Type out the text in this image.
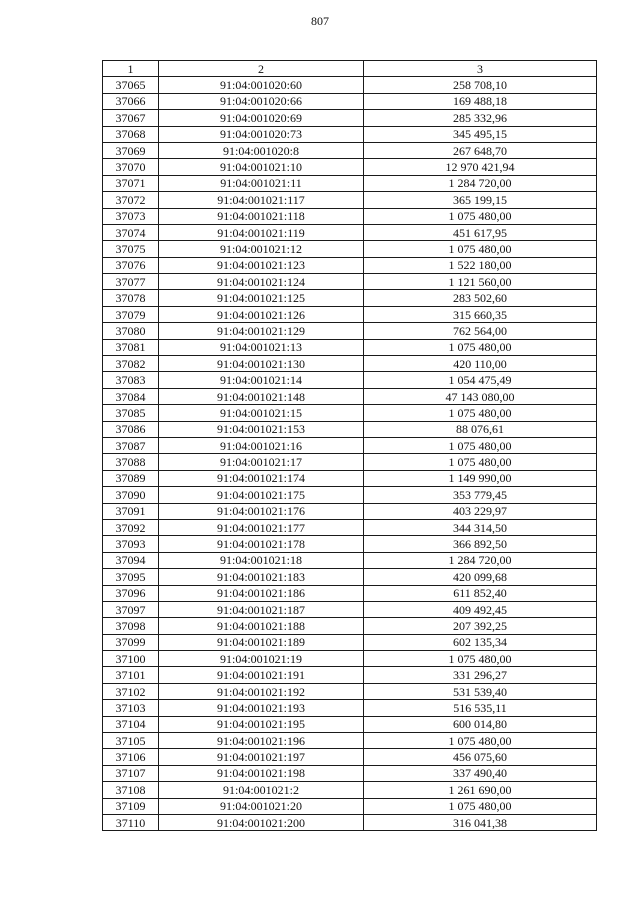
807
1	2	3
37065	91:04:001020:60	258 708,10
37066	91:04:001020:66	169 488,18
37067	91:04:001020:69	285 332,96
37068	91:04:001020:73	345 495,15
37069	91:04:001020:8	267 648,70
37070	91:04:001021:10	12 970 421,94
37071	91:04:001021:11	1 284 720,00
37072	91:04:001021:117	365 199,15
37073	91:04:001021:118	1 075 480,00
37074	91:04:001021:119	451 617,95
37075	91:04:001021:12	1 075 480,00
37076	91:04:001021:123	1 522 180,00
37077	91:04:001021:124	1 121 560,00
37078	91:04:001021:125	283 502,60
37079	91:04:001021:126	315 660,35
37080	91:04:001021:129	762 564,00
37081	91:04:001021:13	1 075 480,00
37082	91:04:001021:130	420 110,00
37083	91:04:001021:14	1 054 475,49
37084	91:04:001021:148	47 143 080,00
37085	91:04:001021:15	1 075 480,00
37086	91:04:001021:153	88 076,61
37087	91:04:001021:16	1 075 480,00
37088	91:04:001021:17	1 075 480,00
37089	91:04:001021:174	1 149 990,00
37090	91:04:001021:175	353 779,45
37091	91:04:001021:176	403 229,97
37092	91:04:001021:177	344 314,50
37093	91:04:001021:178	366 892,50
37094	91:04:001021:18	1 284 720,00
37095	91:04:001021:183	420 099,68
37096	91:04:001021:186	611 852,40
37097	91:04:001021:187	409 492,45
37098	91:04:001021:188	207 392,25
37099	91:04:001021:189	602 135,34
37100	91:04:001021:19	1 075 480,00
37101	91:04:001021:191	331 296,27
37102	91:04:001021:192	531 539,40
37103	91:04:001021:193	516 535,11
37104	91:04:001021:195	600 014,80
37105	91:04:001021:196	1 075 480,00
37106	91:04:001021:197	456 075,60
37107	91:04:001021:198	337 490,40
37108	91:04:001021:2	1 261 690,00
37109	91:04:001021:20	1 075 480,00
37110	91:04:001021:200	316 041,38
